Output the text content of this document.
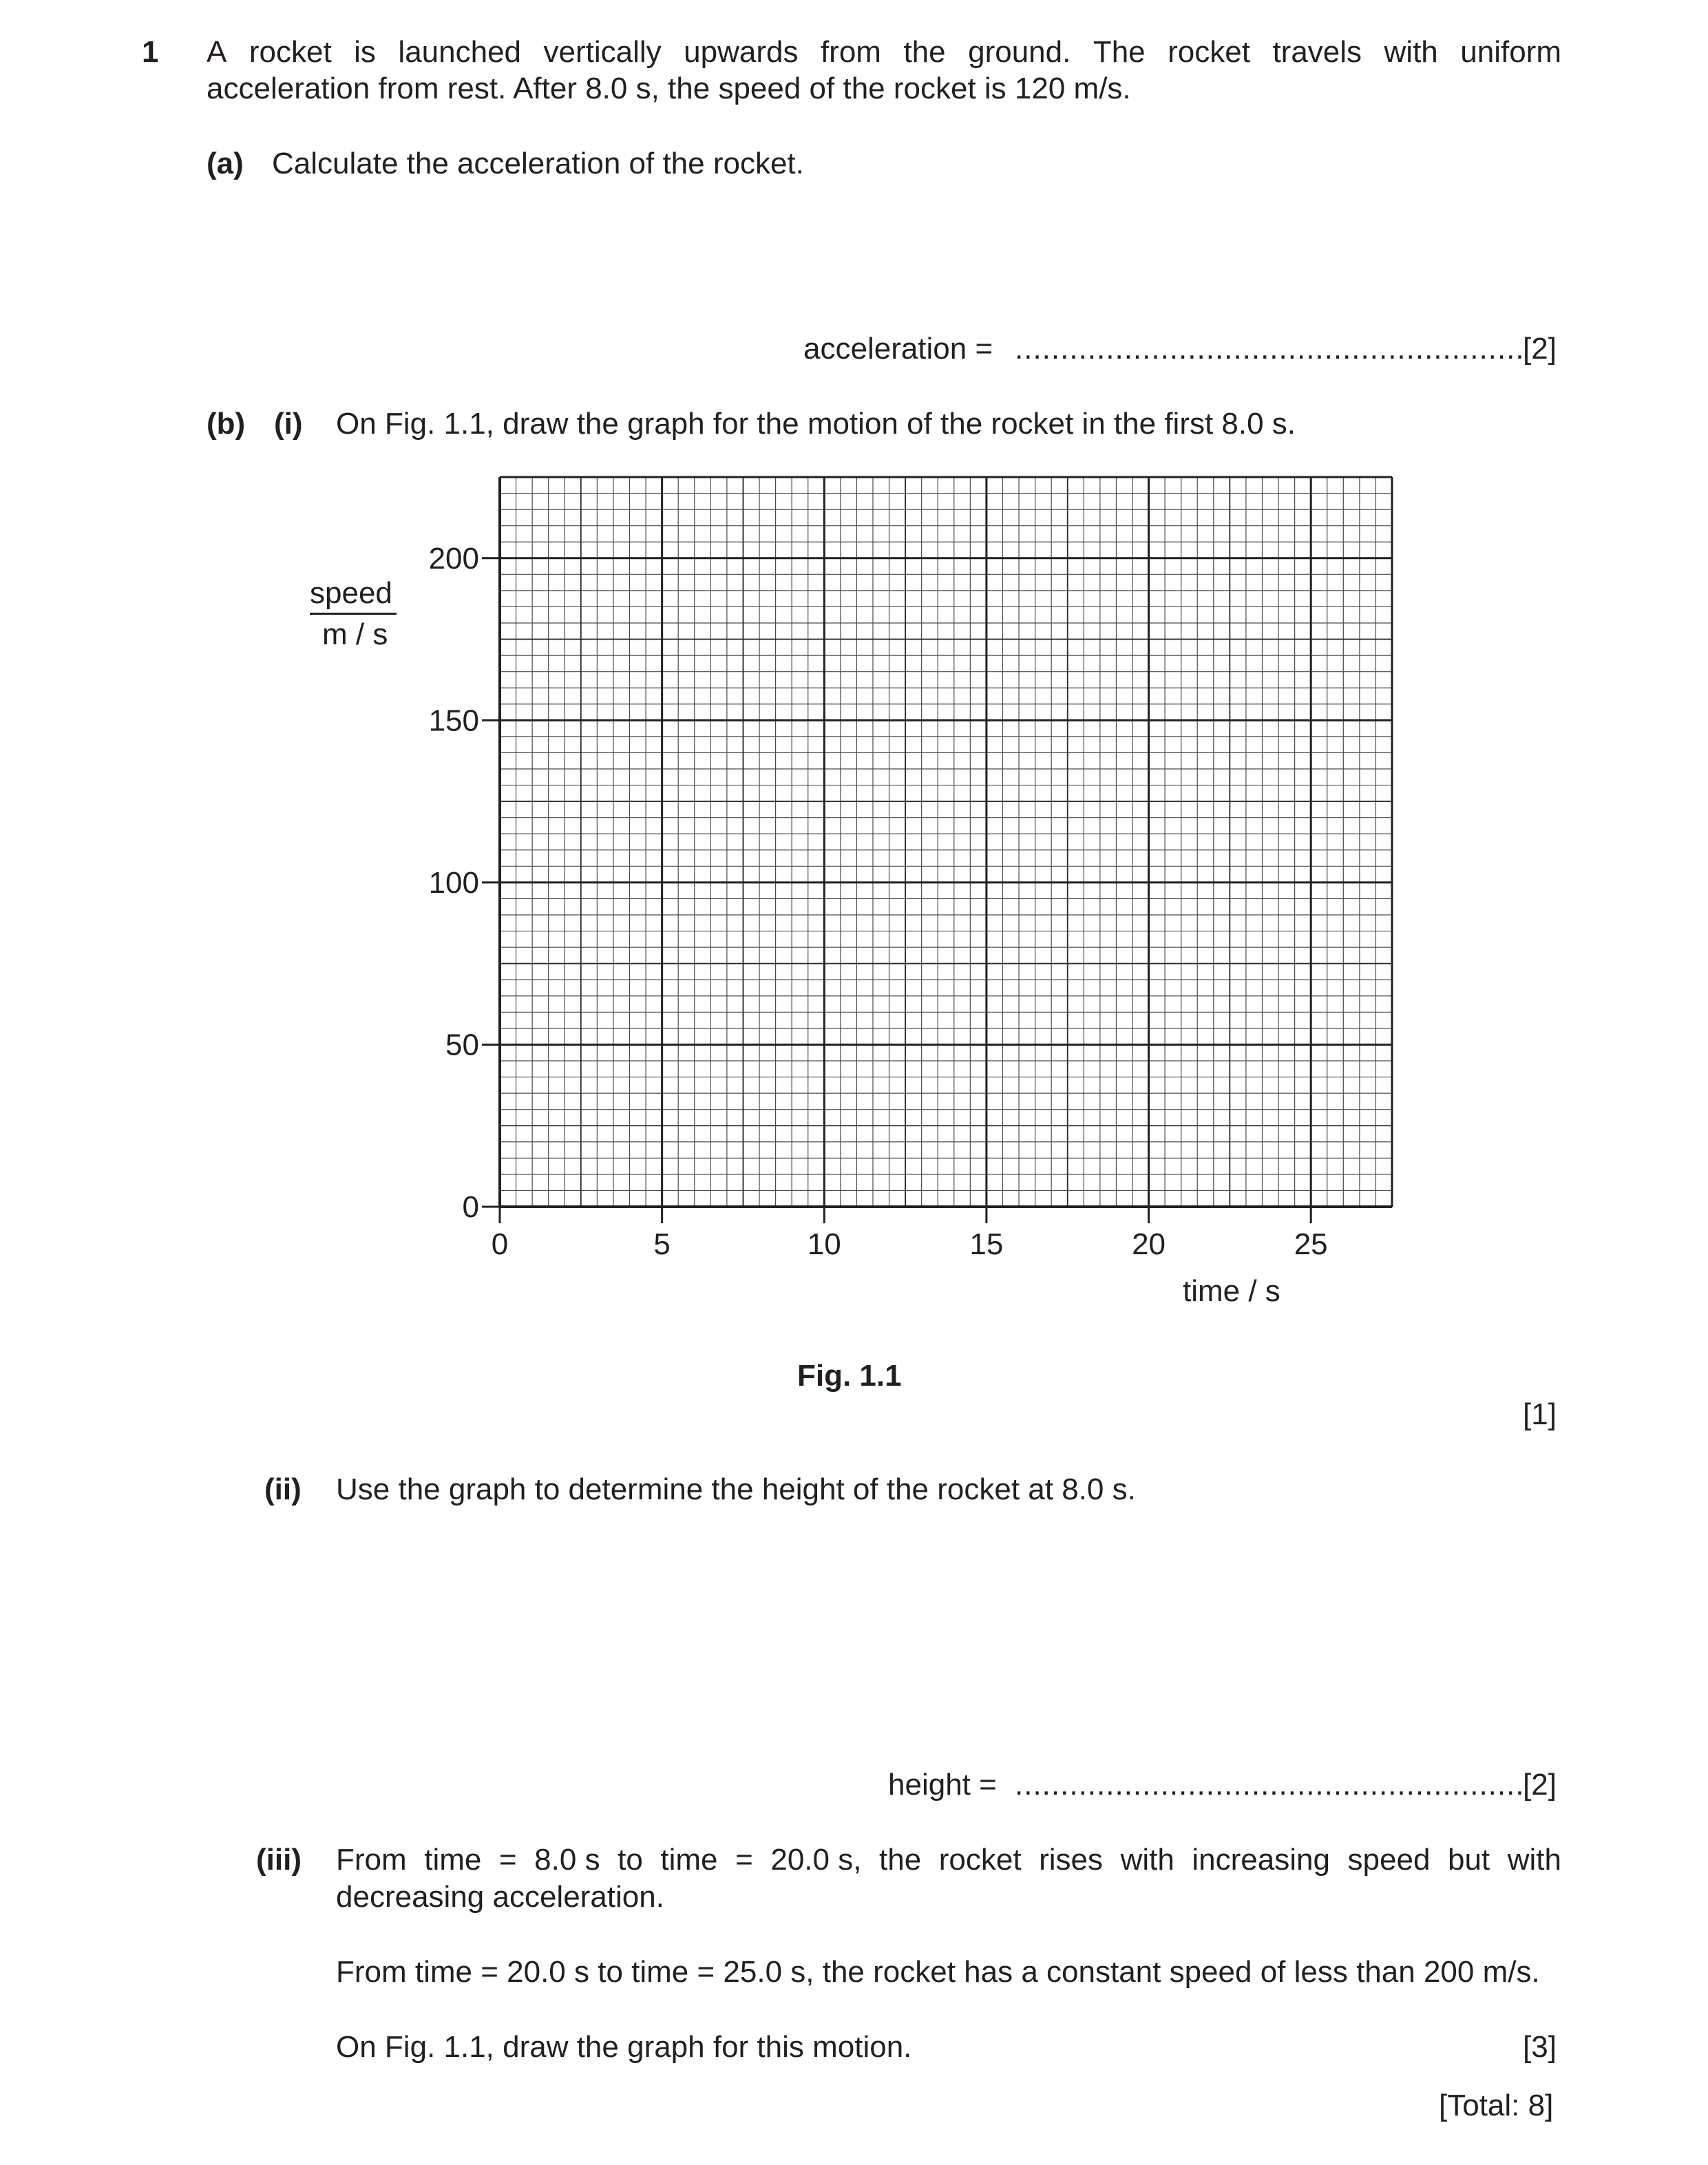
1 A rocket is launched vertically upwards from the ground. The rocket travels with uniform
acceleration from rest. After 8.0 s, the speed of the rocket is 120 m/s.
(a) Calculate the acceleration of the rocket.
acceleration = ........................................................
[2]
(b) (i) On Fig. 1.1, draw the graph for the motion of the rocket in the first 8.0 s.
speed
m / s
0
50
100
150
200
0	5	10	15	20	25
time / s
Fig. 1.1
[1]
(ii) Use the graph to determine the height of the rocket at 8.0 s.
height = ........................................................
[2]
(iii) From time = 8.0 s to time = 20.0 s, the rocket rises with increasing speed but with
decreasing acceleration.
From time = 20.0 s to time = 25.0 s, the rocket has a constant speed of less than 200 m/s.
On Fig. 1.1, draw the graph for this motion.	[3]
[Total: 8]
